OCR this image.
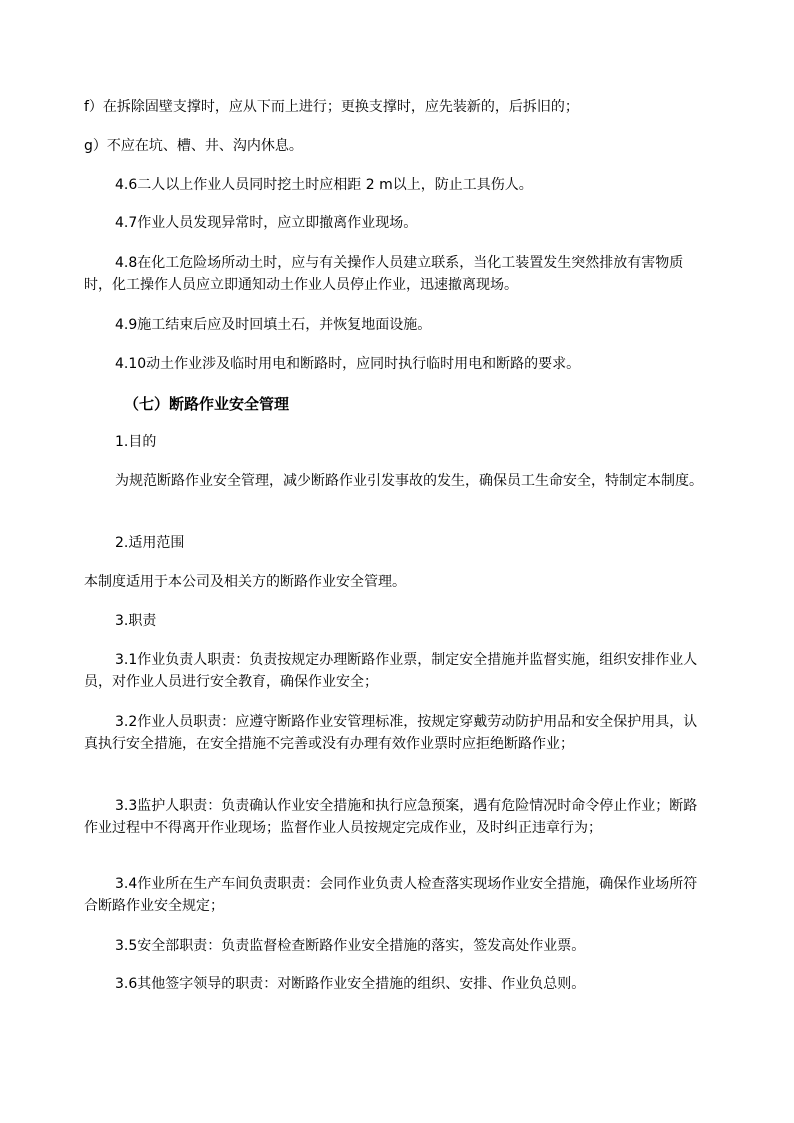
f）在拆除固壁支撑时，应从下而上进行；更换支撑时，应先装新的，后拆旧的；

g）不应在坑、槽、井、沟内休息。

4.6二人以上作业人员同时挖土时应相距 2 m以上，防止工具伤人。

4.7作业人员发现异常时，应立即撤离作业现场。

4.8在化工危险场所动土时，应与有关操作人员建立联系，当化工装置发生突然排放有害物质时，化工操作人员应立即通知动土作业人员停止作业，迅速撤离现场。

4.9施工结束后应及时回填土石，并恢复地面设施。

4.10动土作业涉及临时用电和断路时，应同时执行临时用电和断路的要求。

（七）断路作业安全管理

1.目的

为规范断路作业安全管理，减少断路作业引发事故的发生，确保员工生命安全，特制定本制度。

2.适用范围

本制度适用于本公司及相关方的断路作业安全管理。

3.职责

3.1作业负责人职责：负责按规定办理断路作业票，制定安全措施并监督实施，组织安排作业人员，对作业人员进行安全教育，确保作业安全；

3.2作业人员职责：应遵守断路作业安管理标准，按规定穿戴劳动防护用品和安全保护用具，认真执行安全措施，在安全措施不完善或没有办理有效作业票时应拒绝断路作业；

3.3监护人职责：负责确认作业安全措施和执行应急预案，遇有危险情况时命令停止作业；断路作业过程中不得离开作业现场；监督作业人员按规定完成作业，及时纠正违章行为；

3.4作业所在生产车间负责职责：会同作业负责人检查落实现场作业安全措施，确保作业场所符合断路作业安全规定；

3.5安全部职责：负责监督检查断路作业安全措施的落实，签发高处作业票。

3.6其他签字领导的职责：对断路作业安全措施的组织、安排、作业负总则。
